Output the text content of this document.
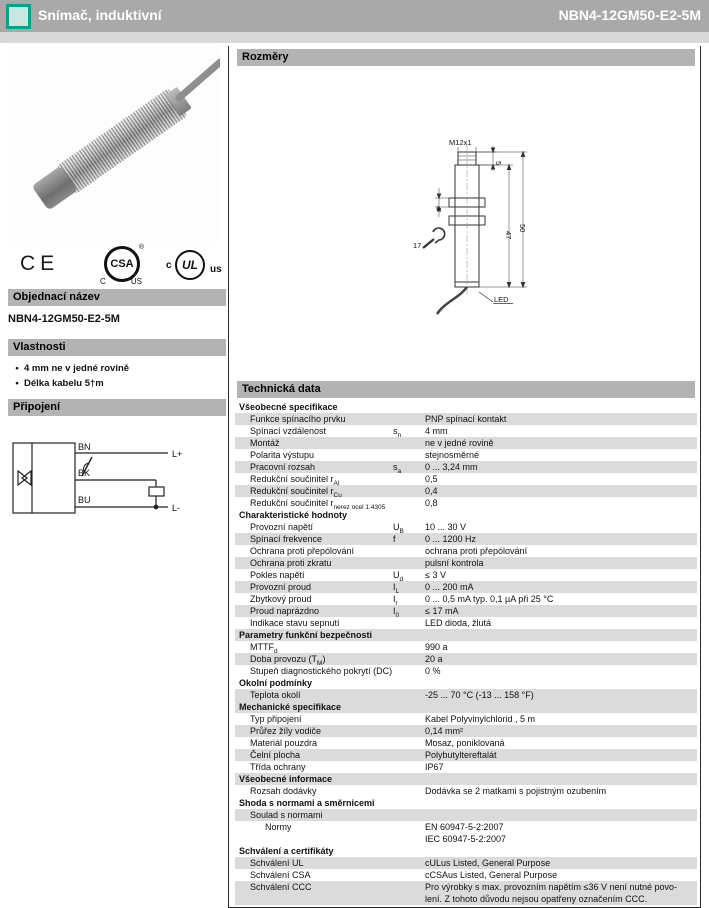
Snímač, induktivní	NBN4-12GM50-E2-5M
CE	CSA
®
C	US
c UL	us
Objednací název
NBN4-12GM50-E2-5M
Vlastnosti
• 4 mm ne v jedné rovině
• Délka kabelu 5†m
Připojení
BN
BK
BU
L+
L-
Rozměry
M12x1
5
47
50
4
17
LED
Technická data
Všeobecné specifikace
Funkce spínacího prvku	PNP spínací kontakt
Spínací vzdálenost	$s_n$	4 mm
Montáž	ne v jedné rovině
Polarita výstupu	stejnosměrné
Pracovní rozsah	$s_a$	0 ... 3,24 mm
Redukční součinitel $r_{Al}$	0,5
Redukční součinitel $r_{Cu}$	0,4
Redukční součinitel $r_{nerez ocel 1.4305}$	0,8
Charakteristické hodnoty
Provozní napětí	$U_B$	10 ... 30 V
Spínací frekvence	f	0 ... 1200 Hz
Ochrana proti přepólování	ochrana proti přepólování
Ochrana proti zkratu	pulsní kontrola
Pokles napětí	$U_d$	≤ 3 V
Provozní proud	$I_L$	0 ... 200 mA
Zbytkový proud	$I_r$	0 ... 0,5 mA typ. 0,1 µA při 25 °C
Proud naprázdno	$I_0$	≤ 17 mA
Indikace stavu sepnutí	LED dioda, žlutá
Parametry funkční bezpečnosti
$MTTF_d$	990 a
Doba provozu $(T_M)$	20 a
Stupeň diagnostického pokrytí (DC)	0 %
Okolní podmínky
Teplota okolí	-25 ... 70 °C (-13 ... 158 °F)
Mechanické specifikace
Typ připojení	Kabel Polyvinylchlorid , 5 m
Průřez žíly vodiče	0,14 mm²
Materiál pouzdra	Mosaz, poniklovaná
Čelní plocha	Polybutyltereftalát
Třída ochrany	IP67
Všeobecné informace
Rozsah dodávky	Dodávka se 2 matkami s pojistným ozubením
Shoda s normami a směrnicemi
Soulad s normami
Normy	EN 60947-5-2:2007
IEC 60947-5-2:2007
Schválení a certifikáty
Schválení UL	cULus Listed, General Purpose
Schválení CSA	cCSAus Listed, General Purpose
Schválení CCC	Pro výrobky s max. provozním napětím ≤36 V není nutné povo-
lení. Z tohoto důvodu nejsou opatřeny označením CCC.
